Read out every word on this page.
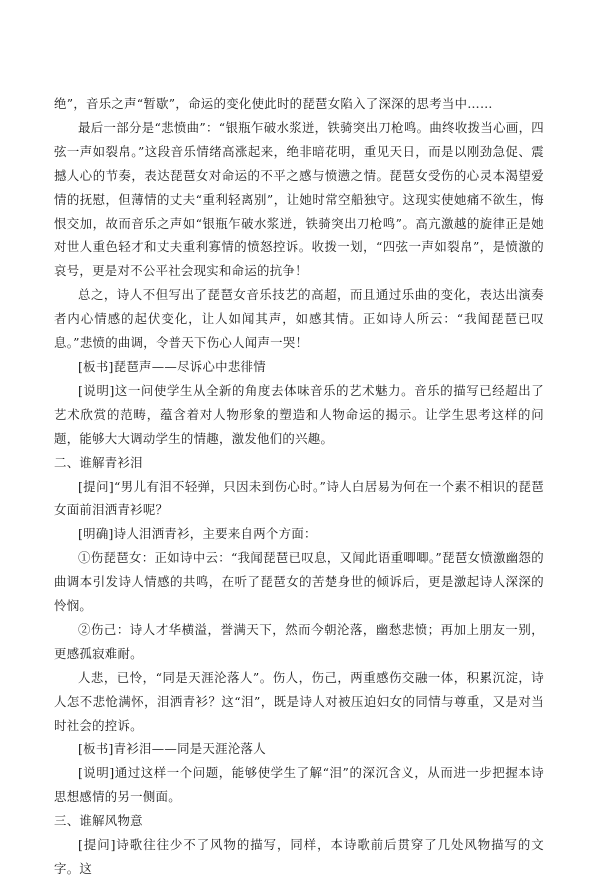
绝”，音乐之声“暂歇”，命运的变化使此时的琵琶女陷入了深深的思考当中……

最后一部分是“悲愤曲”：“银瓶乍破水浆迸，铁骑突出刀枪鸣。曲终收拨当心画，四弦一声如裂帛。”这段音乐情绪高涨起来，绝非暗花明，重见天日，而是以刚劲急促、震撼人心的节奏，表达琵琶女对命运的不平之感与愤懑之情。琵琶女受伤的心灵本渴望爱情的抚慰，但薄情的丈夫“重利轻离别”，让她时常空船独守。这现实使她痛不欲生，悔恨交加，故而音乐之声如“银瓶乍破水浆迸，铁骑突出刀枪鸣”。高亢激越的旋律正是她对世人重色轻才和丈夫重利寡情的愤怒控诉。收拨一划，“四弦一声如裂帛”，是愤激的哀号，更是对不公平社会现实和命运的抗争！

总之，诗人不但写出了琵琶女音乐技艺的高超，而且通过乐曲的变化，表达出演奏者内心情感的起伏变化，让人如闻其声，如感其情。正如诗人所云：“我闻琵琶已叹息。”悲愤的曲调，令普天下伤心人闻声一哭！

[板书]琵琶声——尽诉心中悲徘情

[说明]这一问使学生从全新的角度去体味音乐的艺术魅力。音乐的描写已经超出了艺术欣赏的范畴，蕴含着对人物形象的塑造和人物命运的揭示。让学生思考这样的问题，能够大大调动学生的情趣，激发他们的兴趣。

二、谁解青衫泪

[提问]“男儿有泪不轻弹，只因未到伤心时。”诗人白居易为何在一个素不相识的琵琶女面前泪洒青衫呢？

[明确]诗人泪洒青衫，主要来自两个方面：

①伤琵琶女：正如诗中云：“我闻琵琶已叹息，又闻此语重唧唧。”琵琶女愤激幽怨的曲调本引发诗人情感的共鸣，在听了琵琶女的苦楚身世的倾诉后，更是激起诗人深深的怜悯。

②伤己：诗人才华横溢，誉满天下，然而今朝沦落，幽愁悲愤；再加上朋友一别，更感孤寂难耐。

人悲，已怜，“同是天涯沦落人”。伤人，伤己，两重感伤交融一体，积累沉淀，诗人怎不悲怆满怀，泪洒青衫？这“泪”，既是诗人对被压迫妇女的同情与尊重，又是对当时社会的控诉。

[板书]青衫泪——同是天涯沦落人

[说明]通过这样一个问题，能够使学生了解“泪”的深沉含义，从而进一步把握本诗思想感情的另一侧面。

三、谁解风物意

[提问]诗歌往往少不了风物的描写，同样，本诗歌前后贯穿了几处风物描写的文字。这
